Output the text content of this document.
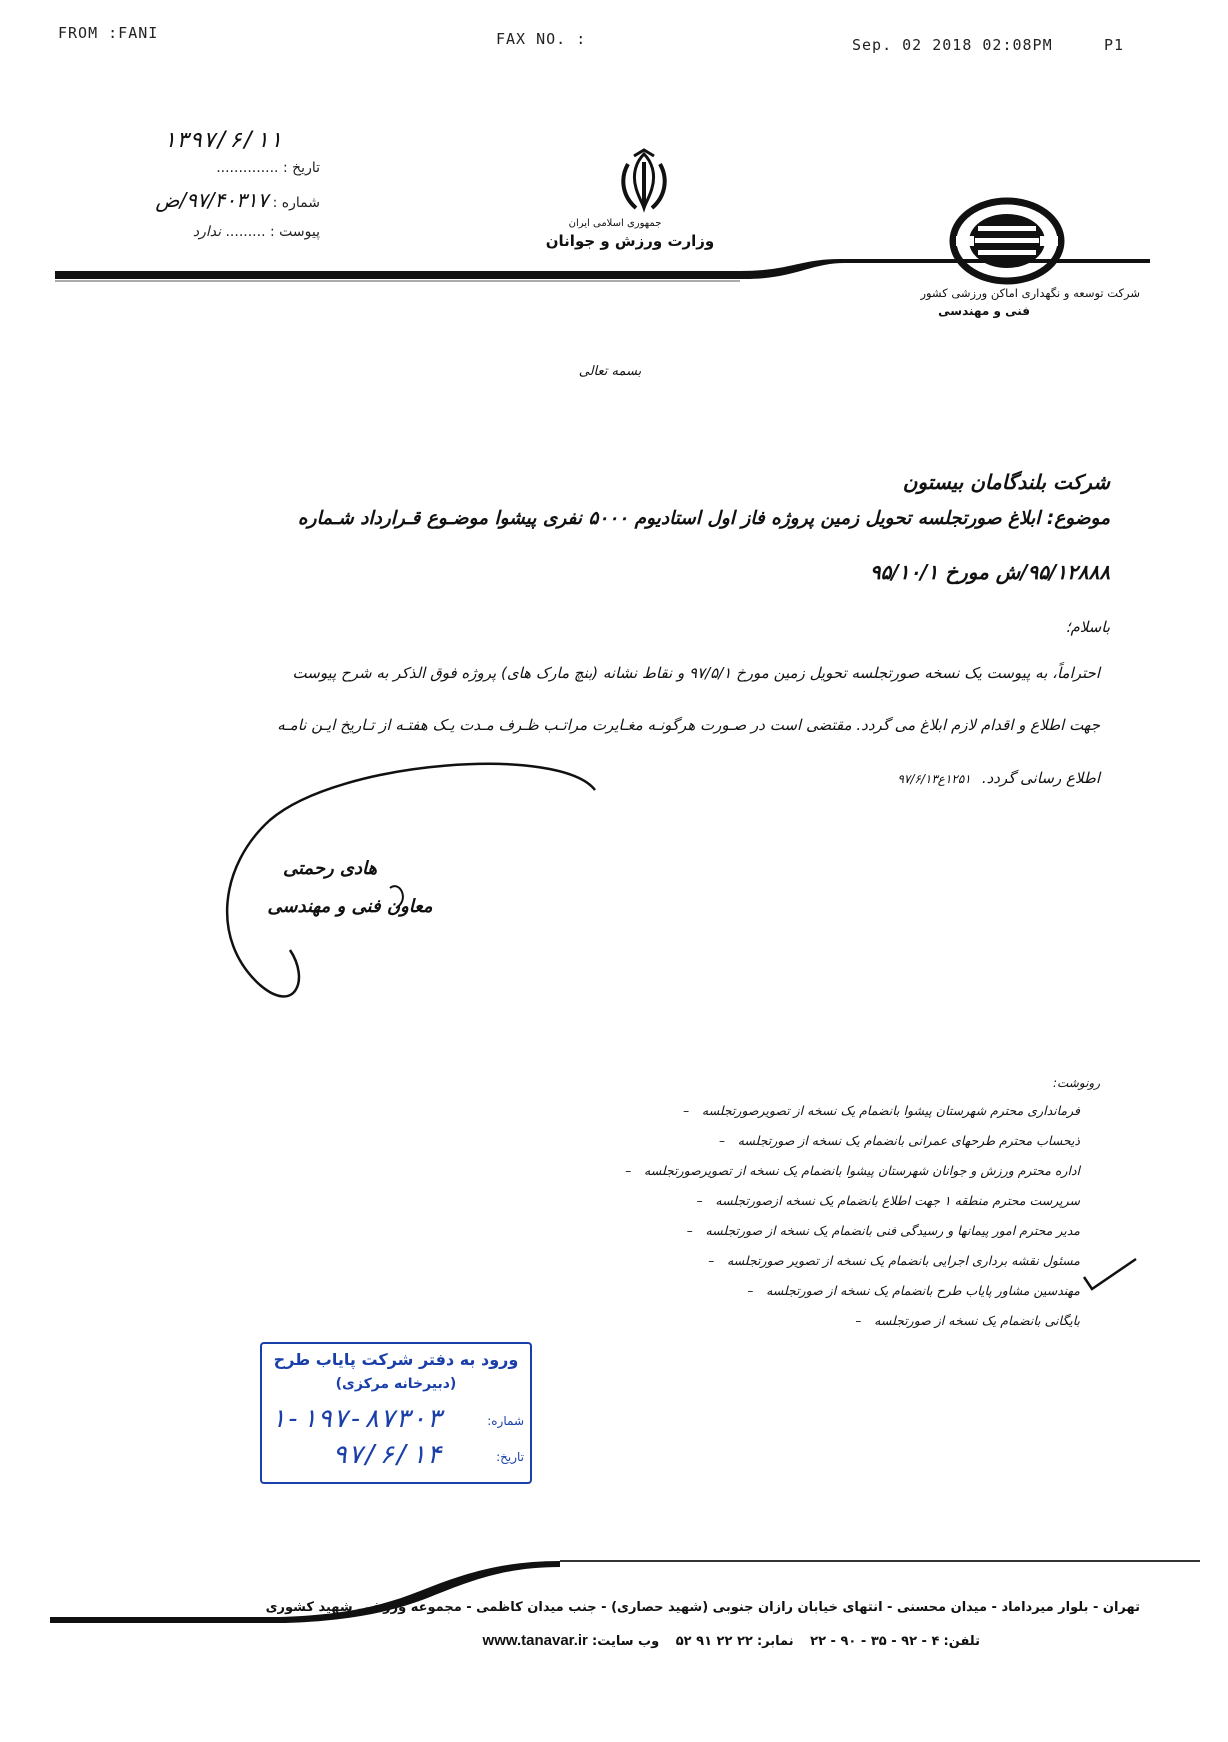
FROM :FANI	FAX NO. :	Sep. 02 2018 02:08PM	P1
۱۳۹۷/۶/۱۱
تاریخ : ..............
شماره : ۹۷/۴۰۳۱۷/ض
پیوست : ......... ندارد
جمهوری اسلامی ایران
وزارت ورزش و جوانان
شرکت توسعه و نگهداری اماکن ورزشی کشور
فنی و مهندسی
بسمه تعالی
شرکت بلندگامان بیستون
موضوع: ابلاغ صورتجلسه تحویل زمین پروژه فاز اول استادیوم ۵۰۰۰ نفری پیشوا موضـوع قـرارداد شـماره
۹۵/۱۲۸۸۸/ش مورخ ۹۵/۱۰/۱
باسلام؛
احتراماً، به پیوست یک نسخه صورتجلسه تحویل زمین مورخ ۹۷/۵/۱ و نقاط نشانه (بنچ مارک های) پروژه فوق الذکر به شرح پیوست
جهت اطلاع و اقدام لازم ابلاغ می گردد. مقتضی است در صـورت هرگونـه مغـایرت مراتـب ظـرف مـدت یـک هفتـه از تـاریخ ایـن نامـه
اطلاع رسانی گردد. ۱۲۵۱ع۹۷/۶/۱۳
هادی رحمتی
معاون فنی و مهندسی
رونوشت:
فرمانداری محترم شهرستان پیشوا بانضمام یک نسخه از تصویرصورتجلسه   –
ذیحساب محترم طرحهای عمرانی بانضمام یک نسخه از صورتجلسه   –
اداره محترم ورزش و جوانان شهرستان پیشوا بانضمام یک نسخه از تصویرصورتجلسه   –
سرپرست محترم منطقه ۱ جهت اطلاع بانضمام یک نسخه ازصورتجلسه   –
مدیر محترم امور پیمانها و رسیدگی فنی بانضمام یک نسخه از صورتجلسه   –
مسئول نقشه برداری اجرایی بانضمام یک نسخه از تصویر صورتجلسه   –
مهندسین مشاور پایاب طرح بانضمام یک نسخه از صورتجلسه   –
بایگانی بانضمام یک نسخه از صورتجلسه   –
ورود به دفتر شرکت پایاب طرح
(دبیرخانه مرکزی)
شماره:
۱-۱۹۷-۸۷۳۰۳
تاریخ:
۹۷/۶/۱۴
تهران - بلوار میرداماد - میدان محسنی - انتهای خیابان رازان جنوبی (شهید حصاری) - جنب میدان کاظمی - مجموعه ورزشی شهید کشوری
تلفن: ۴ - ۹۲ - ۳۵ - ۹۰ - ۲۲    نمابر: ۲۲ ۲۲ ۹۱ ۵۲    وب سایت: www.tanavar.ir
